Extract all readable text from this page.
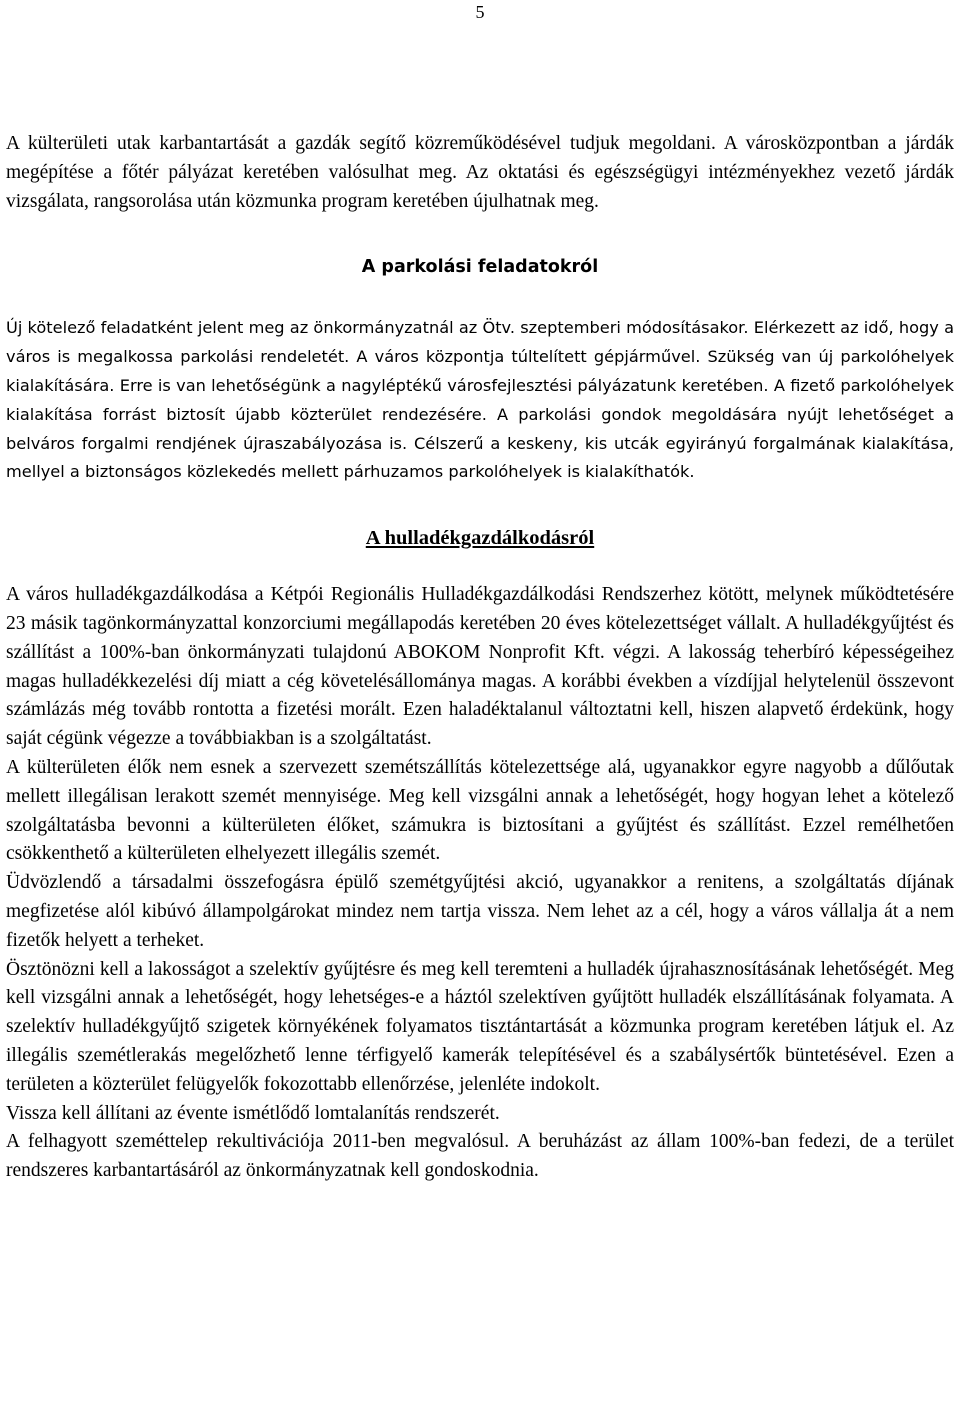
5

A külterületi utak karbantartását a gazdák segítő közreműködésével tudjuk megoldani. A városközpontban a járdák megépítése a főtér pályázat keretében valósulhat meg. Az oktatási és egészségügyi intézményekhez vezető járdák vizsgálata, rangsorolása után közmunka program keretében újulhatnak meg.

A parkolási feladatokról

Új kötelező feladatként jelent meg az önkormányzatnál az Ötv. szeptemberi módosításakor. Elérkezett az idő, hogy a város is megalkossa parkolási rendeletét. A város központja túltelített gépjárművel. Szükség van új parkolóhelyek kialakítására. Erre is van lehetőségünk a nagyléptékű városfejlesztési pályázatunk keretében. A fizető parkolóhelyek kialakítása forrást biztosít újabb közterület rendezésére. A parkolási gondok megoldására nyújt lehetőséget a belváros forgalmi rendjének újraszabályozása is. Célszerű a keskeny, kis utcák egyirányú forgalmának kialakítása, mellyel a biztonságos közlekedés mellett párhuzamos parkolóhelyek is kialakíthatók.

A hulladékgazdálkodásról

A város hulladékgazdálkodása a Kétpói Regionális Hulladékgazdálkodási Rendszerhez kötött, melynek működtetésére 23 másik tagönkormányzattal konzorciumi megállapodás keretében 20 éves kötelezettséget vállalt. A hulladékgyűjtést és szállítást a 100%-ban önkormányzati tulajdonú ABOKOM Nonprofit Kft. végzi. A lakosság teherbíró képességeihez magas hulladékkezelési díj miatt a cég követelésállománya magas. A korábbi években a vízdíjjal helytelenül összevont számlázás még tovább rontotta a fizetési morált. Ezen haladéktalanul változtatni kell, hiszen alapvető érdekünk, hogy saját cégünk végezze a továbbiakban is a szolgáltatást.

A külterületen élők nem esnek a szervezett szemétszállítás kötelezettsége alá, ugyanakkor egyre nagyobb a dűlőutak mellett illegálisan lerakott szemét mennyisége. Meg kell vizsgálni annak a lehetőségét, hogy hogyan lehet a kötelező szolgáltatásba bevonni a külterületen élőket, számukra is biztosítani a gyűjtést és szállítást. Ezzel remélhetően csökkenthető a külterületen elhelyezett illegális szemét.

Üdvözlendő a társadalmi összefogásra épülő szemétgyűjtési akció, ugyanakkor a renitens, a szolgáltatás díjának megfizetése alól kibúvó állampolgárokat mindez nem tartja vissza. Nem lehet az a cél, hogy a város vállalja át a nem fizetők helyett a terheket.

Ösztönözni kell a lakosságot a szelektív gyűjtésre és meg kell teremteni a hulladék újrahasznosításának lehetőségét. Meg kell vizsgálni annak a lehetőségét, hogy lehetséges-e a háztól szelektíven gyűjtött hulladék elszállításának folyamata. A szelektív hulladékgyűjtő szigetek környékének folyamatos tisztántartását a közmunka program keretében látjuk el. Az illegális szemétlerakás megelőzhető lenne térfigyelő kamerák telepítésével és a szabálysértők büntetésével. Ezen a területen a közterület felügyelők fokozottabb ellenőrzése, jelenléte indokolt.

Vissza kell állítani az évente ismétlődő lomtalanítás rendszerét.

A felhagyott szeméttelep rekultivációja 2011-ben megvalósul. A beruházást az állam 100%-ban fedezi, de a terület rendszeres karbantartásáról az önkormányzatnak kell gondoskodnia.
